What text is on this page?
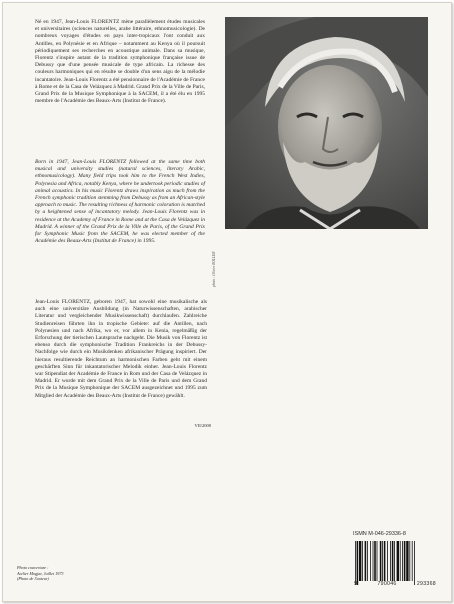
Né en 1947, Jean-Louis FLORENTZ mène parallèlement études musicales et universitaires (sciences naturelles, arabe littéraire, ethnomusicologie). De nombreux voyages d'études en pays inter-tropicaux l'ont conduit aux Antilles, en Polynésie et en Afrique – notamment au Kenya où il poursuit périodiquement ses recherches en acoustique animale. Dans sa musique, Florentz s'inspire autant de la tradition symphonique française issue de Debussy que d'une pensée musicale de type africain. La richesse des couleurs harmoniques qui en résulte se double d'un sens aigu de la mélodie incantatoire. Jean-Louis Florentz a été pensionnaire de l'Académie de France à Rome et de la Casa de Velázquez à Madrid. Grand Prix de la Ville de Paris, Grand Prix de la Musique Symphonique à la SACEM, il a été élu en 1995 membre de l'Académie des Beaux-Arts (Institut de France).

Born in 1947, Jean-Louis FLORENTZ followed at the same time both musical and university studies (natural sciences, literary Arabic, ethnomusicology). Many field trips took him to the French West Indies, Polynesia and Africa, notably Kenya, where he undertook periodic studies of animal acoustics. In his music Florentz draws inspiration as much from the French symphonic tradition stemming from Debussy as from an African-style approach to music. The resulting richness of harmonic coloration is matched by a heightened sense of incantatory melody. Jean-Louis Florentz was in residence at the Academy of France in Rome and at the Casa de Velázquez in Madrid. A winner of the Grand Prix de la Ville de Paris, of the Grand Prix for Symphonic Music from the SACEM, he was elected member of the Académie des Beaux-Arts (Institut de France) in 1995.

Jean-Louis FLORENTZ, geboren 1947, hat sowohl eine musikalische als auch eine universitäre Ausbildung (in Naturwissenschaften, arabischer Literatur und vergleichender Musikwissenschaft) durchlaufen. Zahlreiche Studienreisen führten ihn in tropische Gebiete: auf die Antillen, nach Polynesien und nach Afrika, wo er, vor allem in Kenia, regelmäßig der Erforschung der tierischen Lautsprache nachgeht. Die Musik von Florentz ist ebenso durch die symphonische Tradition Frankreichs in der Debussy-Nachfolge wie durch ein Musikdenken afrikanischer Prägung inspiriert. Der hieraus resultierende Reichtum an harmonischen Farben geht mit einem geschärften Sinn für inkantatorischer Melodik einher. Jean-Louis Florentz war Stipendiat der Académie de France in Rom und der Casa de Velázquez in Madrid. Er wurde mit dem Grand Prix de la Ville de Paris und dem Grand Prix de la Musique Symphonique der SACEM ausgezeichnet und 1995 zum Mitglied der Académie des Beaux-Arts (Institut de France) gewählt.

VII/2000

photo : Olivier ROLLER

Photo couverture :
Atelier Mogjar, Juillet 1973
(Photo de l'auteur)

ISMN M-046-29336-8

9	790046	293368
